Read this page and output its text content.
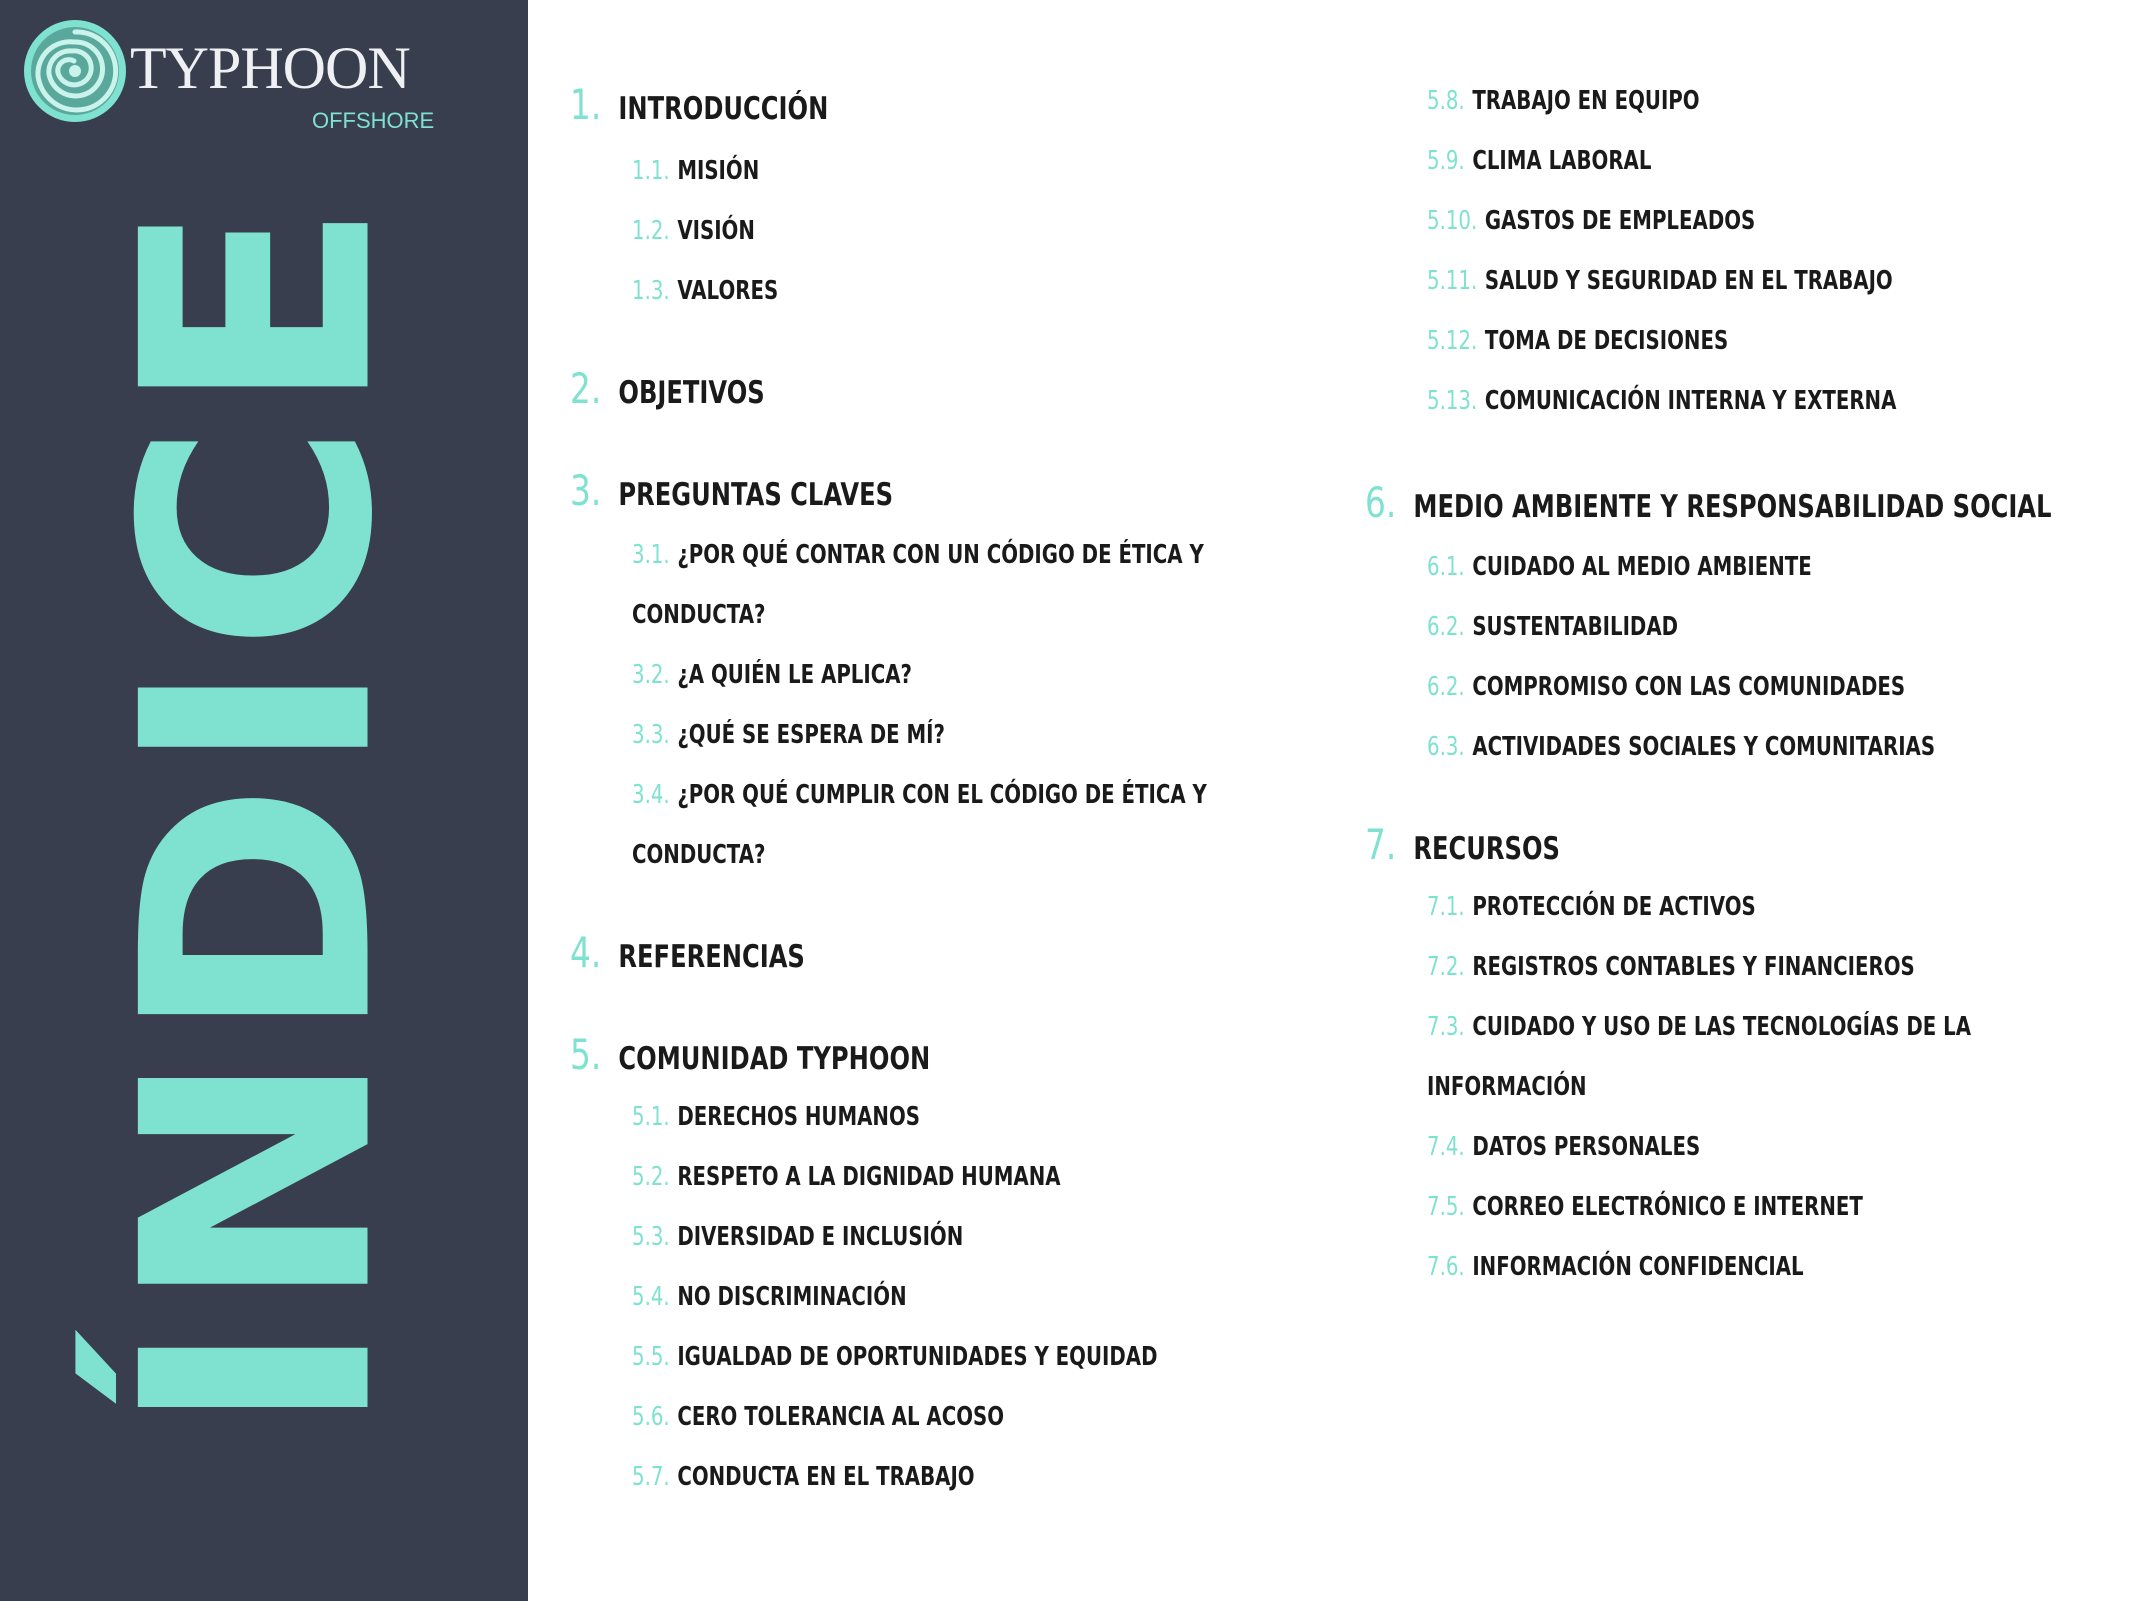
TYPHOON
OFFSHORE
ÍNDICE
1. INTRODUCCIÓN
1.1. MISIÓN
1.2. VISIÓN
1.3. VALORES
2. OBJETIVOS
3. PREGUNTAS CLAVES
3.1. ¿POR QUÉ CONTAR CON UN CÓDIGO DE ÉTICA Y
CONDUCTA?
3.2. ¿A QUIÉN LE APLICA?
3.3. ¿QUÉ SE ESPERA DE MÍ?
3.4. ¿POR QUÉ CUMPLIR CON EL CÓDIGO DE ÉTICA Y
CONDUCTA?
4. REFERENCIAS
5. COMUNIDAD TYPHOON
5.1. DERECHOS HUMANOS
5.2. RESPETO A LA DIGNIDAD HUMANA
5.3. DIVERSIDAD E INCLUSIÓN
5.4. NO DISCRIMINACIÓN
5.5. IGUALDAD DE OPORTUNIDADES Y EQUIDAD
5.6. CERO TOLERANCIA AL ACOSO
5.7. CONDUCTA EN EL TRABAJO
5.8. TRABAJO EN EQUIPO
5.9. CLIMA LABORAL
5.10. GASTOS DE EMPLEADOS
5.11. SALUD Y SEGURIDAD EN EL TRABAJO
5.12. TOMA DE DECISIONES
5.13. COMUNICACIÓN INTERNA Y EXTERNA
6. MEDIO AMBIENTE Y RESPONSABILIDAD SOCIAL
6.1. CUIDADO AL MEDIO AMBIENTE
6.2. SUSTENTABILIDAD
6.2. COMPROMISO CON LAS COMUNIDADES
6.3. ACTIVIDADES SOCIALES Y COMUNITARIAS
7. RECURSOS
7.1. PROTECCIÓN DE ACTIVOS
7.2. REGISTROS CONTABLES Y FINANCIEROS
7.3. CUIDADO Y USO DE LAS TECNOLOGÍAS DE LA
INFORMACIÓN
7.4. DATOS PERSONALES
7.5. CORREO ELECTRÓNICO E INTERNET
7.6. INFORMACIÓN CONFIDENCIAL
